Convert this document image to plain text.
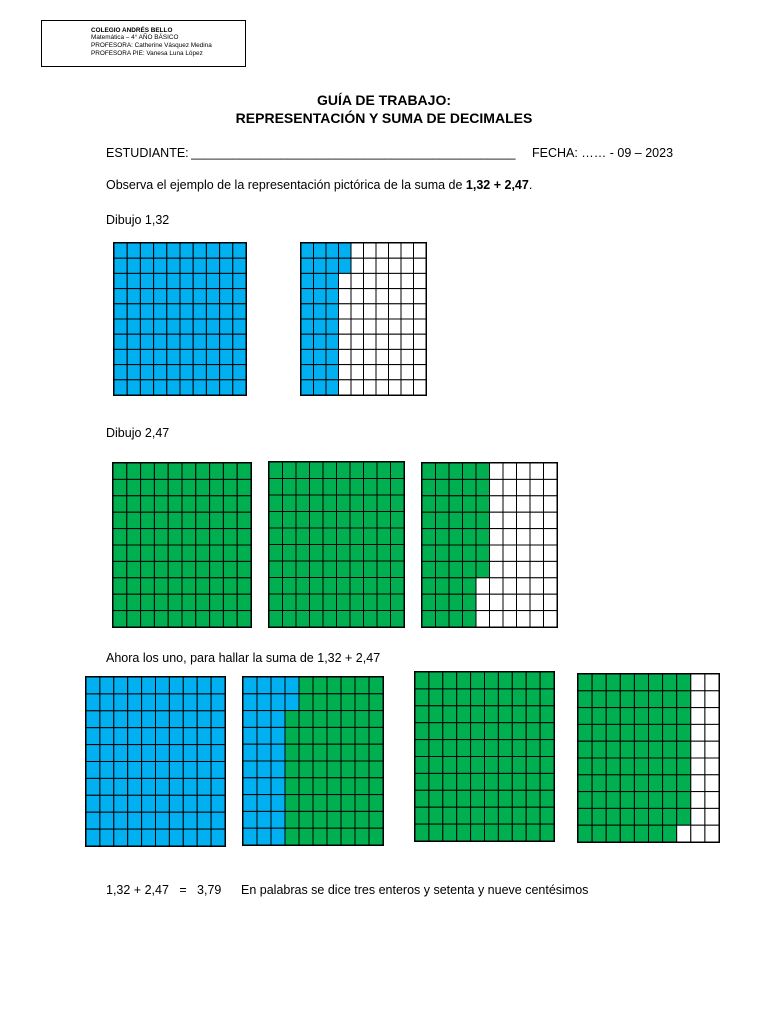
COLEGIO ANDRÉS BELLO
Matemática – 4° AÑO BÁSICO
PROFESORA: Catherine Vásquez Medina
PROFESORA PIE: Vanesa Luna López
GUÍA DE TRABAJO:
REPRESENTACIÓN Y SUMA DE DECIMALES
ESTUDIANTE: _______________________________________________	FECHA: …… - 09 – 2023
Observa el ejemplo de la representación pictórica de la suma de 1,32 + 2,47.
Dibujo 1,32
Dibujo 2,47
Ahora los uno, para hallar la suma de 1,32 + 2,47
1,32 + 2,47   =   3,79 En palabras se dice tres enteros y setenta y nueve centésimos
